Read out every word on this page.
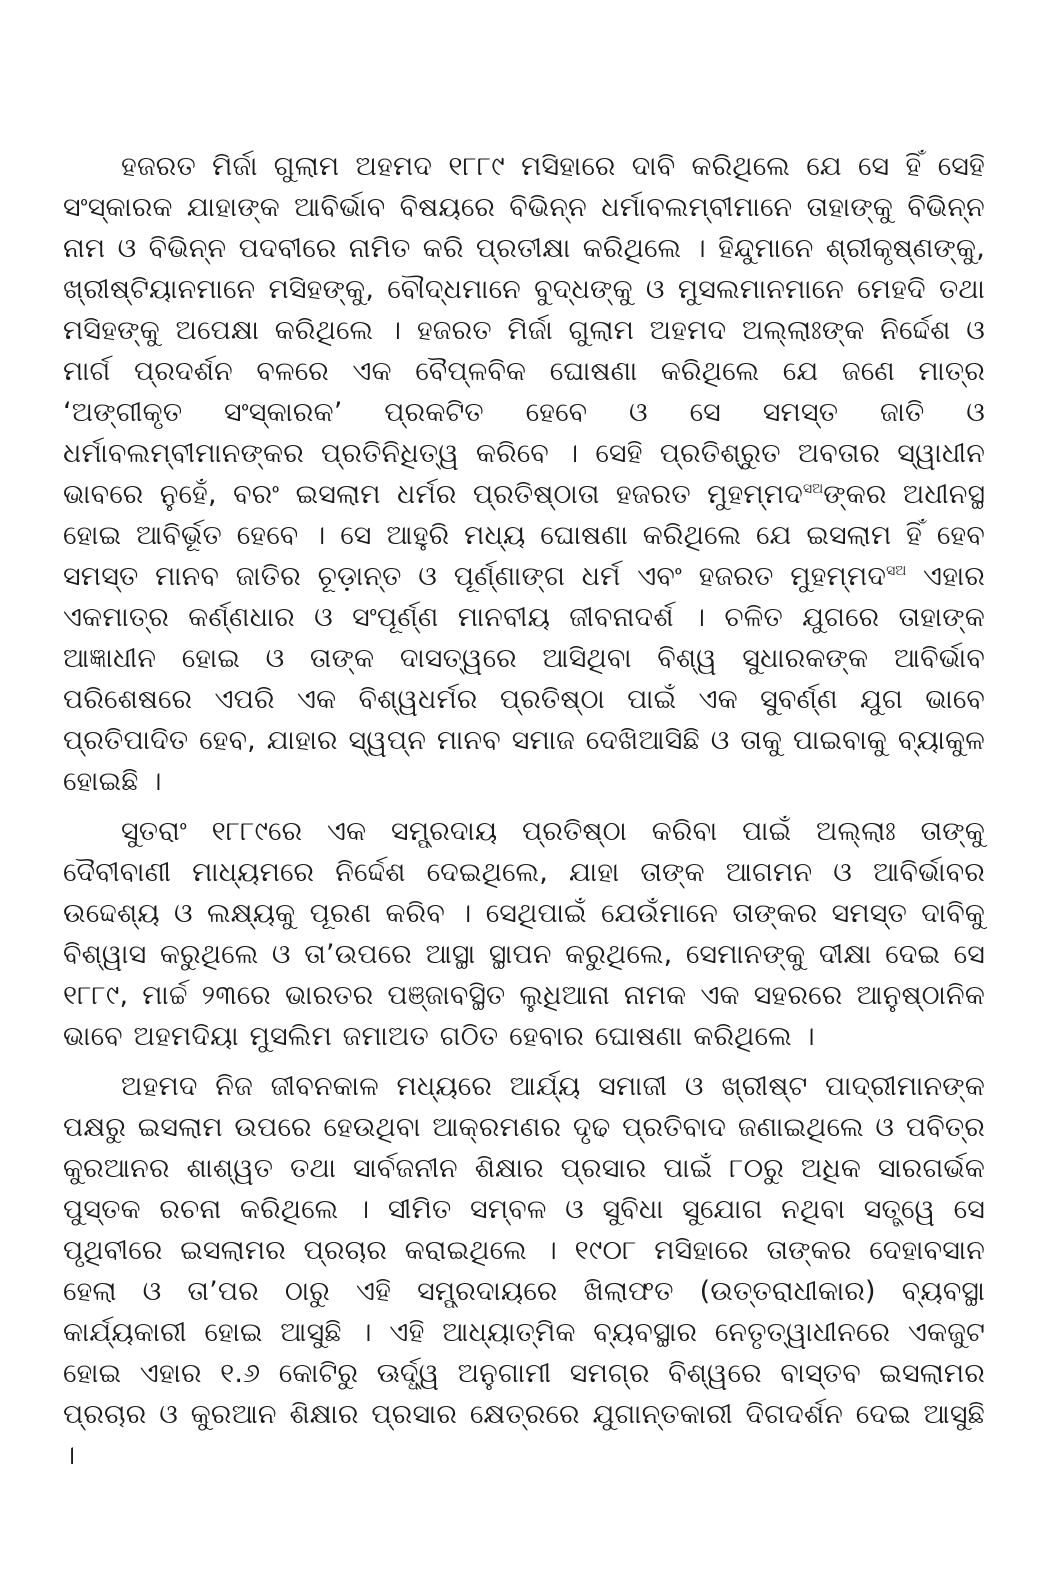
ହଜରତ ମିର୍ଜା ଗୁଲାମ ଅହମଦ ୧୮୮୯ ମସିହାରେ ଦାବି କରିଥିଲେ ଯେ ସେ ହିଁ ସେହି ସଂସ୍କାରକ ଯାହାଙ୍କ ଆବିର୍ଭାବ ବିଷୟରେ ବିଭିନ୍ନ ଧର୍ମାବଲମ୍ବୀମାନେ ତାହାଙ୍କୁ ବିଭିନ୍ନ ନାମ ଓ ବିଭିନ୍ନ ପଦବୀରେ ନାମିତ କରି ପ୍ରତୀକ୍ଷା କରିଥିଲେ । ହିନ୍ଦୁମାନେ ଶ୍ରୀକୃଷ୍ଣଙ୍କୁ, ଖ୍ରୀଷ୍ଟିୟାନମାନେ ମସିହଙ୍କୁ, ବୌଦ୍ଧମାନେ ବୁଦ୍ଧଙ୍କୁ ଓ ମୁସଲମାନମାନେ ମେହଦି ତଥା ମସିହଙ୍କୁ ଅପେକ୍ଷା କରିଥିଲେ । ହଜରତ ମିର୍ଜା ଗୁଲାମ ଅହମଦ ଅଲ୍ଲାଃଙ୍କ ନିର୍ଦ୍ଦେଶ ଓ ମାର୍ଗ ପ୍ରଦର୍ଶନ ବଳରେ ଏକ ବୈପ୍ଳବିକ ଘୋଷଣା କରିଥିଲେ ଯେ ଜଣେ ମାତ୍ର ‘ଅଙ୍ଗୀକୃତ ସଂସ୍କାରକ’ ପ୍ରକଟିତ ହେବେ ଓ ସେ ସମସ୍ତ ଜାତି ଓ ଧର୍ମାବଲମ୍ବୀମାନଙ୍କର ପ୍ରତିନିଧିତ୍ୱ କରିବେ । ସେହି ପ୍ରତିଶ୍ରୁତ ଅବତାର ସ୍ୱାଧୀନ ଭାବରେ ନୁହେଁ, ବରଂ ଇସଲାମ ଧର୍ମର ପ୍ରତିଷ୍ଠାତା ହଜରତ ମୁହମ୍ମଦ$^{ସଅ}$ଙ୍କର ଅଧୀନସ୍ଥ ହୋଇ ଆବିର୍ଭୂତ ହେବେ । ସେ ଆହୁରି ମଧ୍ୟ ଘୋଷଣା କରିଥିଲେ ଯେ ଇସଲାମ ହିଁ ହେବ ସମସ୍ତ ମାନବ ଜାତିର ଚୂଡ଼ାନ୍ତ ଓ ପୂର୍ଣ୍ଣାଙ୍ଗ ଧର୍ମ ଏବଂ ହଜରତ ମୁହମ୍ମଦ$^{ସଅ}$ ଏହାର ଏକମାତ୍ର କର୍ଣ୍ଣଧାର ଓ ସଂପୂର୍ଣ୍ଣ ମାନବୀୟ ଜୀବନାଦର୍ଶ । ଚଳିତ ଯୁଗରେ ତାହାଙ୍କ ଆଜ୍ଞାଧୀନ ହୋଇ ଓ ତାଙ୍କ ଦାସତ୍ୱରେ ଆସିଥିବା ବିଶ୍ୱ ସୁଧାରକଙ୍କ ଆବିର୍ଭାବ ପରିଶେଷରେ ଏପରି ଏକ ବିଶ୍ୱଧର୍ମର ପ୍ରତିଷ୍ଠା ପାଇଁ ଏକ ସୁବର୍ଣ୍ଣ ଯୁଗ ଭାବେ ପ୍ରତିପାଦିତ ହେବ, ଯାହାର ସ୍ୱପ୍ନ ମାନବ ସମାଜ ଦେଖିଆସିଛି ଓ ତାକୁ ପାଇବାକୁ ବ୍ୟାକୁଳ ହୋଇଛି ।

ସୁତରାଂ ୧୮୮୯ରେ ଏକ ସମ୍ପ୍ରଦାୟ ପ୍ରତିଷ୍ଠା କରିବା ପାଇଁ ଅଲ୍ଲାଃ ତାଙ୍କୁ ଦୈବୀବାଣୀ ମାଧ୍ୟମରେ ନିର୍ଦ୍ଦେଶ ଦେଇଥିଲେ, ଯାହା ତାଙ୍କ ଆଗମନ ଓ ଆବିର୍ଭାବର ଉଦ୍ଦେଶ୍ୟ ଓ ଲକ୍ଷ୍ୟକୁ ପୂରଣ କରିବ । ସେଥିପାଇଁ ଯେଉଁମାନେ ତାଙ୍କର ସମସ୍ତ ଦାବିକୁ ବିଶ୍ୱାସ କରୁଥିଲେ ଓ ତା’ଉପରେ ଆସ୍ଥା ସ୍ଥାପନ କରୁଥିଲେ, ସେମାନଙ୍କୁ ଦୀକ୍ଷା ଦେଇ ସେ ୧୮୮୯, ମାର୍ଚ୍ଚ ୨୩ରେ ଭାରତର ପଞ୍ଜାବସ୍ଥିତ ଲୁଧିଆନା ନାମକ ଏକ ସହରରେ ଆନୁଷ୍ଠାନିକ ଭାବେ ଅହମଦିୟା ମୁସଲିମ ଜମାଅତ ଗଠିତ ହେବାର ଘୋଷଣା କରିଥିଲେ ।

ଅହମଦ ନିଜ ଜୀବନକାଳ ମଧ୍ୟରେ ଆର୍ଯ୍ୟ ସମାଜୀ ଓ ଖ୍ରୀଷ୍ଟ ପାଦ୍ରୀମାନଙ୍କ ପକ୍ଷରୁ ଇସଲାମ ଉପରେ ହେଉଥିବା ଆକ୍ରମଣର ଦୃଢ ପ୍ରତିବାଦ ଜଣାଇଥିଲେ ଓ ପବିତ୍ର କୁରଆନର ଶାଶ୍ୱତ ତଥା ସାର୍ବଜନୀନ ଶିକ୍ଷାର ପ୍ରସାର ପାଇଁ ୮୦ରୁ ଅଧିକ ସାରଗର୍ଭକ ପୁସ୍ତକ ରଚନା କରିଥିଲେ । ସୀମିତ ସମ୍ବଳ ଓ ସୁବିଧା ସୁଯୋଗ ନଥିବା ସତ୍ତ୍ୱେ ସେ ପୃଥିବୀରେ ଇସଲାମର ପ୍ରଚାର କରାଇଥିଲେ । ୧୯୦୮ ମସିହାରେ ତାଙ୍କର ଦେହାବସାନ ହେଲା ଓ ତା’ପର ଠାରୁ ଏହି ସମ୍ପ୍ରଦାୟରେ ଖିଲାଫତ (ଉତ୍ତରାଧୀକାର) ବ୍ୟବସ୍ଥା କାର୍ଯ୍ୟକାରୀ ହୋଇ ଆସୁଛି । ଏହି ଆଧ୍ୟାତ୍ମିକ ବ୍ୟବସ୍ଥାର ନେତୃତ୍ୱାଧୀନରେ ଏକଜୁଟ ହୋଇ ଏହାର ୧.୬ କୋଟିରୁ ଊର୍ଦ୍ଧ୍ୱ ଅନୁଗାମୀ ସମଗ୍ର ବିଶ୍ୱରେ ବାସ୍ତବ ଇସଲାମର ପ୍ରଚାର ଓ କୁରଆନ ଶିକ୍ଷାର ପ୍ରସାର କ୍ଷେତ୍ରରେ ଯୁଗାନ୍ତକାରୀ ଦିଗଦର୍ଶନ ଦେଇ ଆସୁଛି ।
